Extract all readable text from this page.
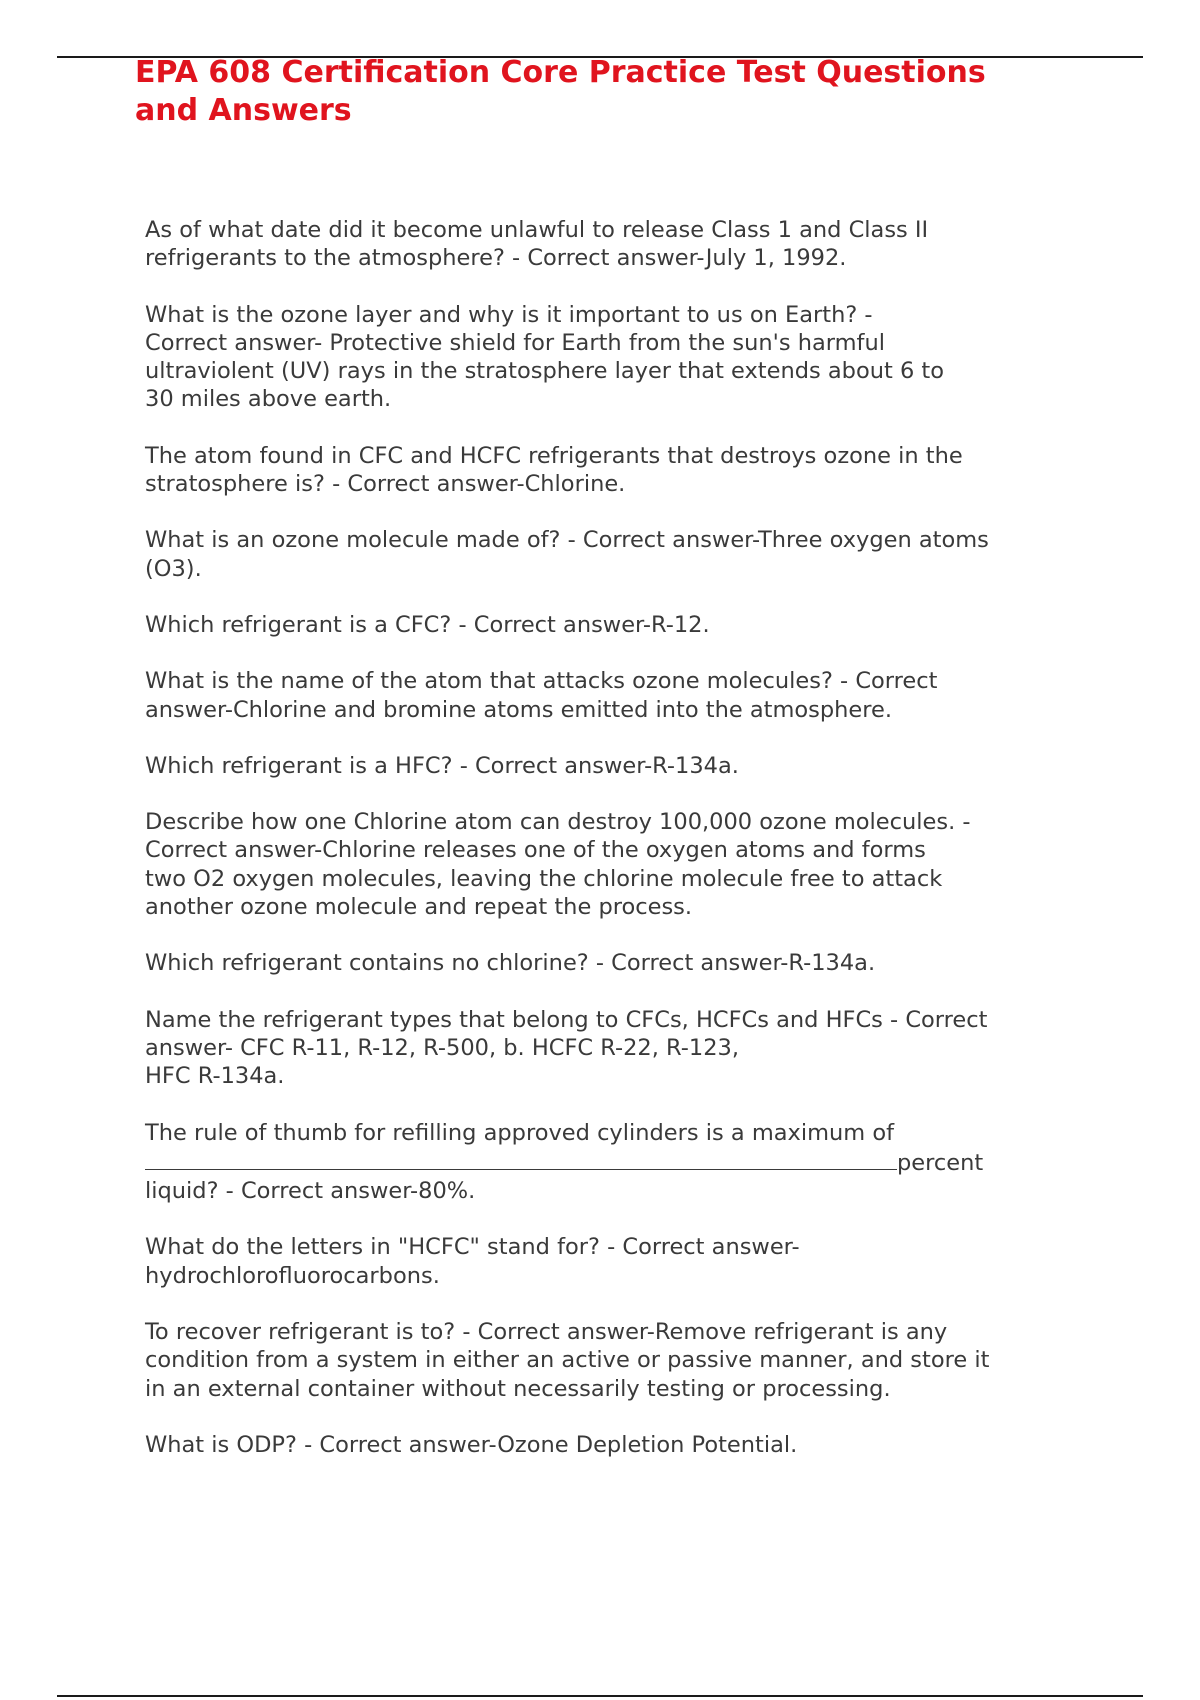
EPA 608 Certification Core Practice Test Questions
and Answers
As of what date did it become unlawful to release Class 1 and Class II
refrigerants to the atmosphere? - Correct answer-July 1, 1992.
What is the ozone layer and why is it important to us on Earth? -
Correct answer- Protective shield for Earth from the sun's harmful
ultraviolent (UV) rays in the stratosphere layer that extends about 6 to
30 miles above earth.
The atom found in CFC and HCFC refrigerants that destroys ozone in the
stratosphere is? - Correct answer-Chlorine.
What is an ozone molecule made of? - Correct answer-Three oxygen atoms
(O3).
Which refrigerant is a CFC? - Correct answer-R-12.
What is the name of the atom that attacks ozone molecules? - Correct
answer-Chlorine and bromine atoms emitted into the atmosphere.
Which refrigerant is a HFC? - Correct answer-R-134a.
Describe how one Chlorine atom can destroy 100,000 ozone molecules. -
Correct answer-Chlorine releases one of the oxygen atoms and forms
two O2 oxygen molecules, leaving the chlorine molecule free to attack
another ozone molecule and repeat the process.
Which refrigerant contains no chlorine? - Correct answer-R-134a.
Name the refrigerant types that belong to CFCs, HCFCs and HFCs - Correct
answer- CFC R-11, R-12, R-500, b. HCFC R-22, R-123,
HFC R-134a.
The rule of thumb for refilling approved cylinders is a maximum of
percent
liquid? - Correct answer-80%.
What do the letters in "HCFC" stand for? - Correct answer-
hydrochlorofluorocarbons.
To recover refrigerant is to? - Correct answer-Remove refrigerant is any
condition from a system in either an active or passive manner, and store it
in an external container without necessarily testing or processing.
What is ODP? - Correct answer-Ozone Depletion Potential.
